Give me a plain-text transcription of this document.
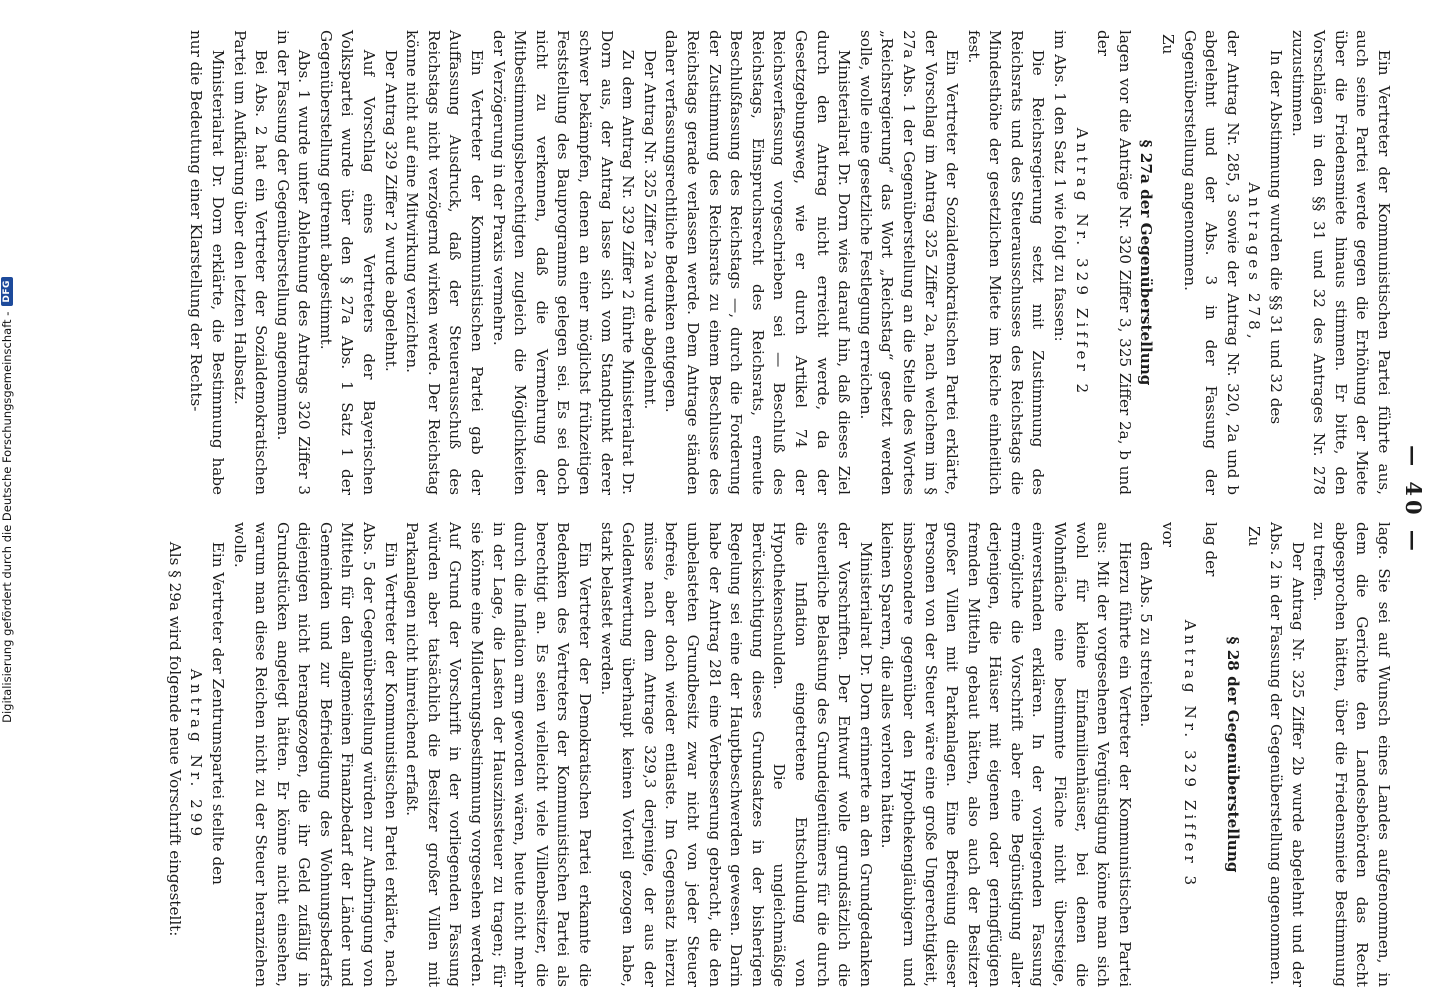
Digitalisierung gefördert durch die Deutsche Forschungsgemeinschaft -
DFG
— 40 —

Ein Vertreter der Kommunistischen Partei führte aus, auch seine Partei werde gegen die Erhöhung der Miete über die Friedensmiete hinaus stimmen. Er bitte, den Vorschlägen in den §§ 31 und 32 des Antrages Nr. 278 zuzustimmen.

In der Abstimmung wurden die §§ 31 und 32 des

Antrages 278,

der Antrag Nr. 285, 3 sowie der Antrag Nr. 320, 2a und b abgelehnt und der Abs. 3 in der Fassung der Gegenüberstellung angenommen.

Zu

§ 27a der Gegenüberstellung

lagen vor die Anträge Nr. 320 Ziffer 3, 325 Ziffer 2a, b und der

Antrag Nr. 329 Ziffer 2

im Abs. 1 den Satz 1 wie folgt zu fassen:

Die Reichsregierung setzt mit Zustimmung des Reichsrats und des Steuerausschusses des Reichstags die Mindesthöhe der gesetzlichen Miete im Reiche einheitlich fest.

Ein Vertreter der Sozialdemokratischen Partei erklärte, der Vorschlag im Antrag 325 Ziffer 2a, nach welchem im § 27a Abs. 1 der Gegenüberstellung an die Stelle des Wortes „Reichsregierung“ das Wort „Reichstag“ gesetzt werden solle, wolle eine gesetzliche Festlegung erreichen.

Ministerialrat Dr. Dorn wies darauf hin, daß dieses Ziel durch den Antrag nicht erreicht werde, da der Gesetzgebungsweg, wie er durch Artikel 74 der Reichsverfassung vorgeschrieben sei — Beschluß des Reichstags, Einspruchsrecht des Reichsrats, erneute Beschlußfassung des Reichstags —, durch die Forderung der Zustimmung des Reichsrats zu einem Beschlusse des Reichstags gerade verlassen werde. Dem Antrage ständen daher verfassungsrechtliche Bedenken entgegen.

Der Antrag Nr. 325 Ziffer 2a wurde abgelehnt.

Zu dem Antrag Nr. 329 Ziffer 2 führte Ministerialrat Dr. Dorn aus, der Antrag lasse sich vom Standpunkt derer schwer bekämpfen, denen an einer möglichst frühzeitigen Feststellung des Bauprogramms gelegen sei. Es sei doch nicht zu verkennen, daß die Vermehrung der Mitbestimmungsberechtigten zugleich die Möglichkeiten der Verzögerung in der Praxis vermehre.

Ein Vertreter der Kommunistischen Partei gab der Auffassung Ausdruck, daß der Steuerausschuß des Reichstags nicht verzögernd wirken werde. Der Reichstag könne nicht auf eine Mitwirkung verzichten.

Der Antrag 329 Ziffer 2 wurde abgelehnt.

Auf Vorschlag eines Vertreters der Bayerischen Volkspartei wurde über den § 27a Abs. 1 Satz 1 der Gegenüberstellung getrennt abgestimmt.

Abs. 1 wurde unter Ablehnung des Antrags 320 Ziffer 3 in der Fassung der Gegenüberstellung angenommen.

Bei Abs. 2 hat ein Vertreter der Sozialdemokratischen Partei um Aufklärung über den letzten Halbsatz.

Ministerialrat Dr. Dorn erklärte, die Bestimmung habe nur die Bedeutung einer Klarstellung der Rechts-

lage. Sie sei auf Wunsch eines Landes aufgenommen, in dem die Gerichte den Landesbehörden das Recht abgesprochen hätten, über die Friedensmiete Bestimmung zu treffen.

Der Antrag Nr. 325 Ziffer 2b wurde abgelehnt und der Abs. 2 in der Fassung der Gegenüberstellung angenommen.

Zu

§ 28 der Gegenüberstellung

lag der

Antrag Nr. 329 Ziffer 3

vor

den Abs. 5 zu streichen.

Hierzu führte ein Vertreter der Kommunistischen Partei aus: Mit der vorgesehenen Vergünstigung könne man sich wohl für kleine Einfamilienhäuser, bei denen die Wohnfläche eine bestimmte Fläche nicht übersteige, einverstanden erklären. In der vorliegenden Fassung ermögliche die Vorschrift aber eine Begünstigung aller derjenigen, die Häuser mit eigenen oder geringfügigen fremden Mitteln gebaut hätten, also auch der Besitzer großer Villen mit Parkanlagen. Eine Befreiung dieser Personen von der Steuer wäre eine große Ungerechtigkeit, insbesondere gegenüber den Hypothekengläubigern und kleinen Sparern, die alles verloren hätten.

Ministerialrat Dr. Dorn erinnerte an den Grundgedanken der Vorschriften. Der Entwurf wolle grundsätzlich die steuerliche Belastung des Grundeigentümers für die durch die Inflation eingetretene Entschuldung von Hypothekenschulden. Die ungleichmäßige Berücksichtigung dieses Grundsatzes in der bisherigen Regelung sei eine der Hauptbeschwerden gewesen. Darin habe der Antrag 281 eine Verbesserung gebracht, die den unbelasteten Grundbesitz zwar nicht von jeder Steuer befreie, aber doch wieder entlaste. Im Gegensatz hierzu müsse nach dem Antrage 329,3 derjenige, der aus der Geldentwertung überhaupt keinen Vorteil gezogen habe, stark belastet werden.

Ein Vertreter der Demokratischen Partei erkannte die Bedenken des Vertreters der Kommunistischen Partei als berechtigt an. Es seien vielleicht viele Villenbesitzer, die durch die Inflation arm geworden wären, heute nicht mehr in der Lage, die Lasten der Hauszinssteuer zu tragen; für sie könne eine Milderungsbestimmung vorgesehen werden. Auf Grund der Vorschrift in der vorliegenden Fassung würden aber tatsächlich die Besitzer großer Villen mit Parkanlagen nicht hinreichend erfaßt.

Ein Vertreter der Kommunistischen Partei erklärte, nach Abs. 5 der Gegenüberstellung würden zur Aufbringung von Mitteln für den allgemeinen Finanzbedarf der Länder und Gemeinden und zur Befriedigung des Wohnungsbedarfs diejenigen nicht herangezogen, die ihr Geld zufällig in Grundstücken angelegt hätten. Er könne nicht einsehen, warum man diese Reichen nicht zu der Steuer heranziehen wolle.

Ein Vertreter der Zentrumspartei stellte den

Antrag Nr. 299

Als § 29a wird folgende neue Vorschrift eingestellt:
